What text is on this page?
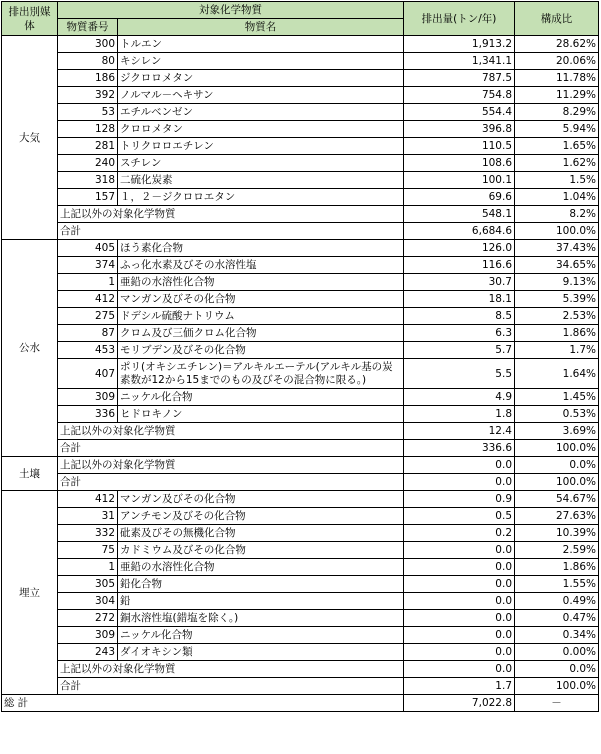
排出別媒体	対象化学物質		排出量(トン/年)	構成比
	物質番号	物質名		
大気	300	トルエン	1,913.2	28.62%
	80	キシレン	1,341.1	20.06%
	186	ジクロロメタン	787.5	11.78%
	392	ノルマル－ヘキサン	754.8	11.29%
	53	エチルベンゼン	554.4	8.29%
	128	クロロメタン	396.8	5.94%
	281	トリクロロエチレン	110.5	1.65%
	240	スチレン	108.6	1.62%
	318	二硫化炭素	100.1	1.5%
	157	１，２－ジクロロエタン	69.6	1.04%
	上記以外の対象化学物質		548.1	8.2%
	合計		6,684.6	100.0%
公水	405	ほう素化合物	126.0	37.43%
	374	ふっ化水素及びその水溶性塩	116.6	34.65%
	1	亜鉛の水溶性化合物	30.7	9.13%
	412	マンガン及びその化合物	18.1	5.39%
	275	ドデシル硫酸ナトリウム	8.5	2.53%
	87	クロム及び三価クロム化合物	6.3	1.86%
	453	モリブデン及びその化合物	5.7	1.7%
	407	ポリ(オキシエチレン)＝アルキルエーテル(アルキル基の炭素数が12から15までのもの及びその混合物に限る。)	5.5	1.64%
	309	ニッケル化合物	4.9	1.45%
	336	ヒドロキノン	1.8	0.53%
	上記以外の対象化学物質		12.4	3.69%
	合計		336.6	100.0%
土壌	上記以外の対象化学物質		0.0	0.0%
	合計		0.0	100.0%
埋立	412	マンガン及びその化合物	0.9	54.67%
	31	アンチモン及びその化合物	0.5	27.63%
	332	砒素及びその無機化合物	0.2	10.39%
	75	カドミウム及びその化合物	0.0	2.59%
	1	亜鉛の水溶性化合物	0.0	1.86%
	305	鉛化合物	0.0	1.55%
	304	鉛	0.0	0.49%
	272	銅水溶性塩(錯塩を除く。)	0.0	0.47%
	309	ニッケル化合物	0.0	0.34%
	243	ダイオキシン類	0.0	0.00%
	上記以外の対象化学物質		0.0	0.0%
	合計		1.7	100.0%
総計			7,022.8	－
